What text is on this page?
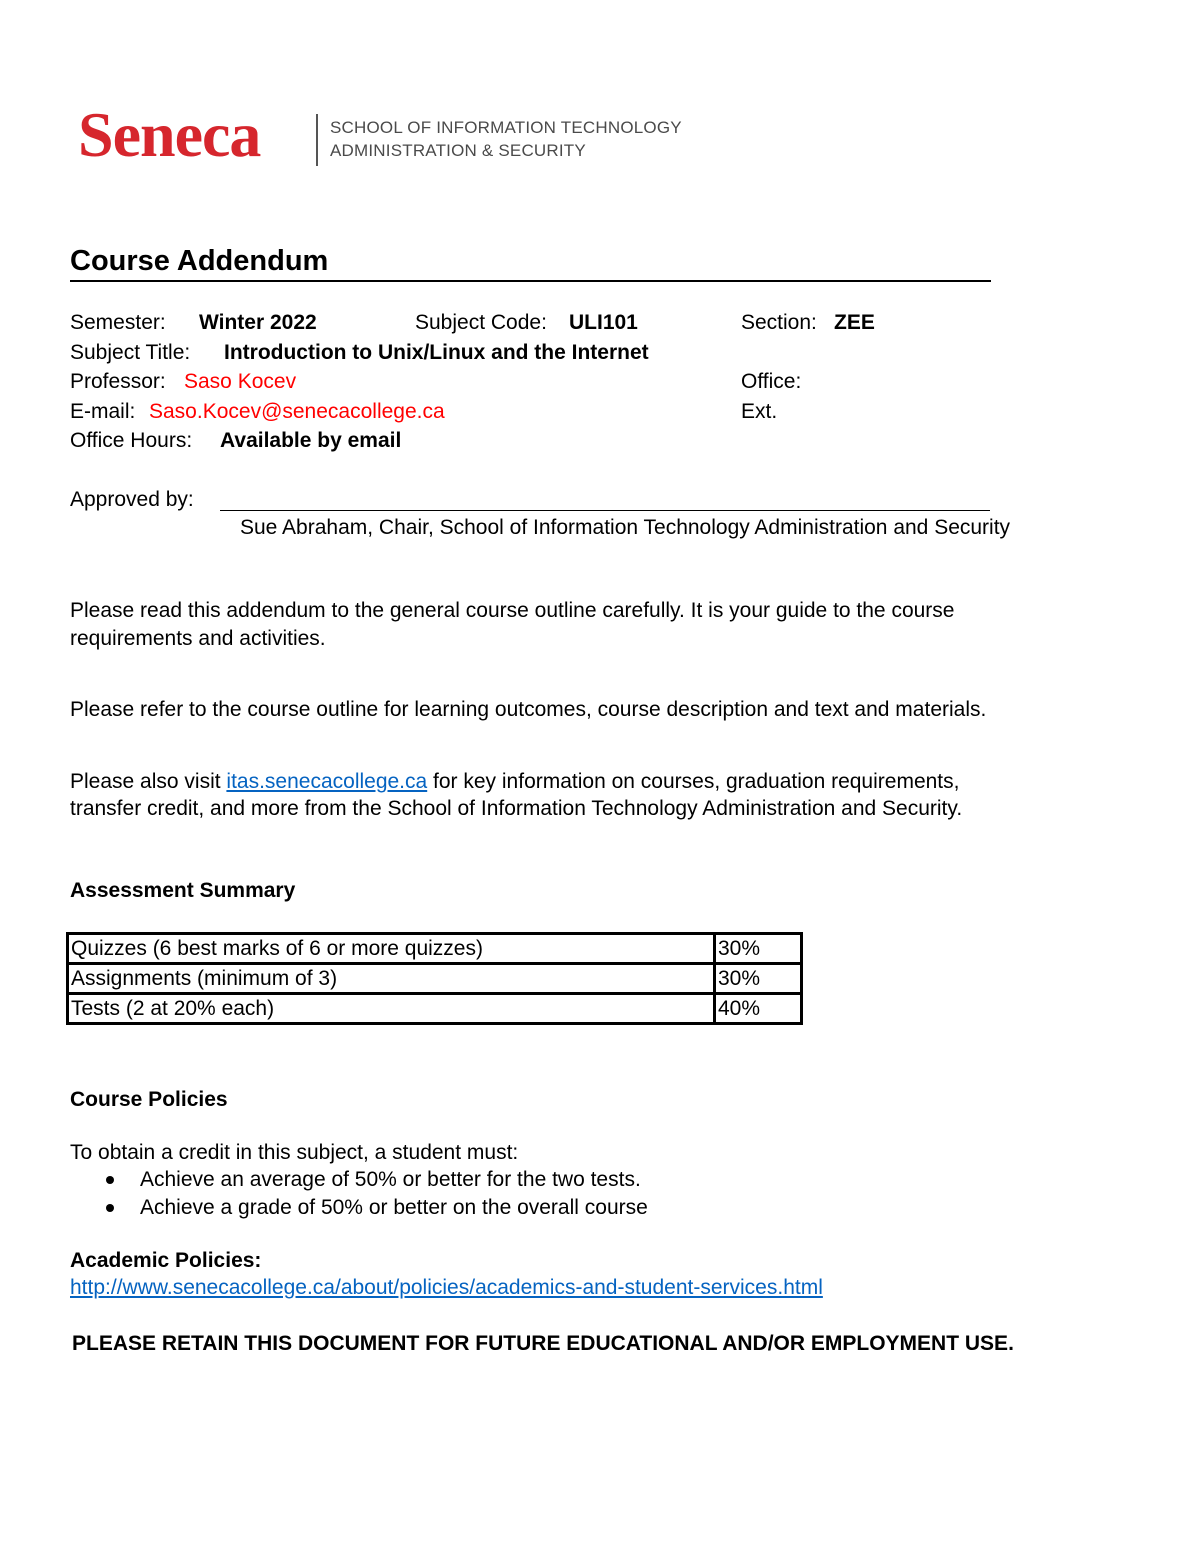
Seneca	SCHOOL OF INFORMATION TECHNOLOGY
ADMINISTRATION & SECURITY
Course Addendum
Semester: Winter 2022	Subject Code: ULI101	Section: ZEE
Subject Title: Introduction to Unix/Linux and the Internet
Professor: Saso Kocev	Office:
E-mail: Saso.Kocev@senecacollege.ca	Ext.
Office Hours: Available by email
Approved by:
Sue Abraham, Chair, School of Information Technology Administration and Security
Please read this addendum to the general course outline carefully. It is your guide to the course
requirements and activities.
Please refer to the course outline for learning outcomes, course description and text and materials.
Please also visit itas.senecacollege.ca for key information on courses, graduation requirements,
transfer credit, and more from the School of Information Technology Administration and Security.
Assessment Summary
Quizzes (6 best marks of 6 or more quizzes)	30%
Assignments (minimum of 3)	30%
Tests (2 at 20% each)	40%
Course Policies
To obtain a credit in this subject, a student must:
Achieve an average of 50% or better for the two tests.
Achieve a grade of 50% or better on the overall course
Academic Policies:
http://www.senecacollege.ca/about/policies/academics-and-student-services.html
PLEASE RETAIN THIS DOCUMENT FOR FUTURE EDUCATIONAL AND/OR EMPLOYMENT USE.
